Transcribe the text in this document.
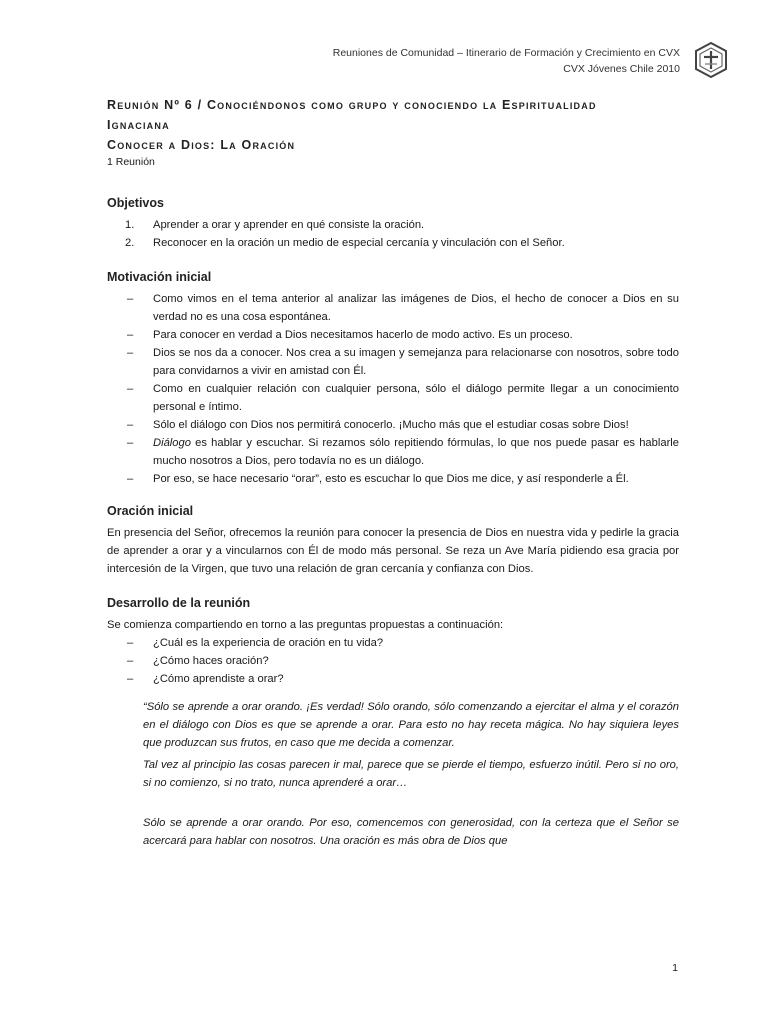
Reuniones de Comunidad – Itinerario de Formación y Crecimiento en CVX
CVX Jóvenes Chile 2010
Reunión Nº 6 / Conociéndonos como grupo y conociendo la Espiritualidad
Ignaciana
Conocer a Dios: La Oración
1 Reunión
Objetivos
1. Aprender a orar y aprender en qué consiste la oración.
2. Reconocer en la oración un medio de especial cercanía y vinculación con el Señor.
Motivación inicial
– Como vimos en el tema anterior al analizar las imágenes de Dios, el hecho de conocer a Dios en su verdad no es una cosa espontánea.
– Para conocer en verdad a Dios necesitamos hacerlo de modo activo. Es un proceso.
– Dios se nos da a conocer. Nos crea a su imagen y semejanza para relacionarse con nosotros, sobre todo para convidarnos a vivir en amistad con Él.
– Como en cualquier relación con cualquier persona, sólo el diálogo permite llegar a un conocimiento personal e íntimo.
– Sólo el diálogo con Dios nos permitirá conocerlo. ¡Mucho más que el estudiar cosas sobre Dios!
– Diálogo es hablar y escuchar. Si rezamos sólo repitiendo fórmulas, lo que nos puede pasar es hablarle mucho nosotros a Dios, pero todavía no es un diálogo.
– Por eso, se hace necesario “orar”, esto es escuchar lo que Dios me dice, y así responderle a Él.
Oración inicial

En presencia del Señor, ofrecemos la reunión para conocer la presencia de Dios en nuestra vida y pedirle la gracia de aprender a orar y a vincularnos con Él de modo más personal. Se reza un Ave María pidiendo esa gracia por intercesión de la Virgen, que tuvo una relación de gran cercanía y confianza con Dios.

Desarrollo de la reunión
Se comienza compartiendo en torno a las preguntas propuestas a continuación:
– ¿Cuál es la experiencia de oración en tu vida?
– ¿Cómo haces oración?
– ¿Cómo aprendiste a orar?

“Sólo se aprende a orar orando. ¡Es verdad! Sólo orando, sólo comenzando a ejercitar el alma y el corazón en el diálogo con Dios es que se aprende a orar. Para esto no hay receta mágica. No hay siquiera leyes que produzcan sus frutos, en caso que me decida a comenzar.

Tal vez al principio las cosas parecen ir mal, parece que se pierde el tiempo, esfuerzo inútil. Pero si no oro, si no comienzo, si no trato, nunca aprenderé a orar…

Sólo se aprende a orar orando. Por eso, comencemos con generosidad, con la certeza que el Señor se acercará para hablar con nosotros. Una oración es más obra de Dios que

1
